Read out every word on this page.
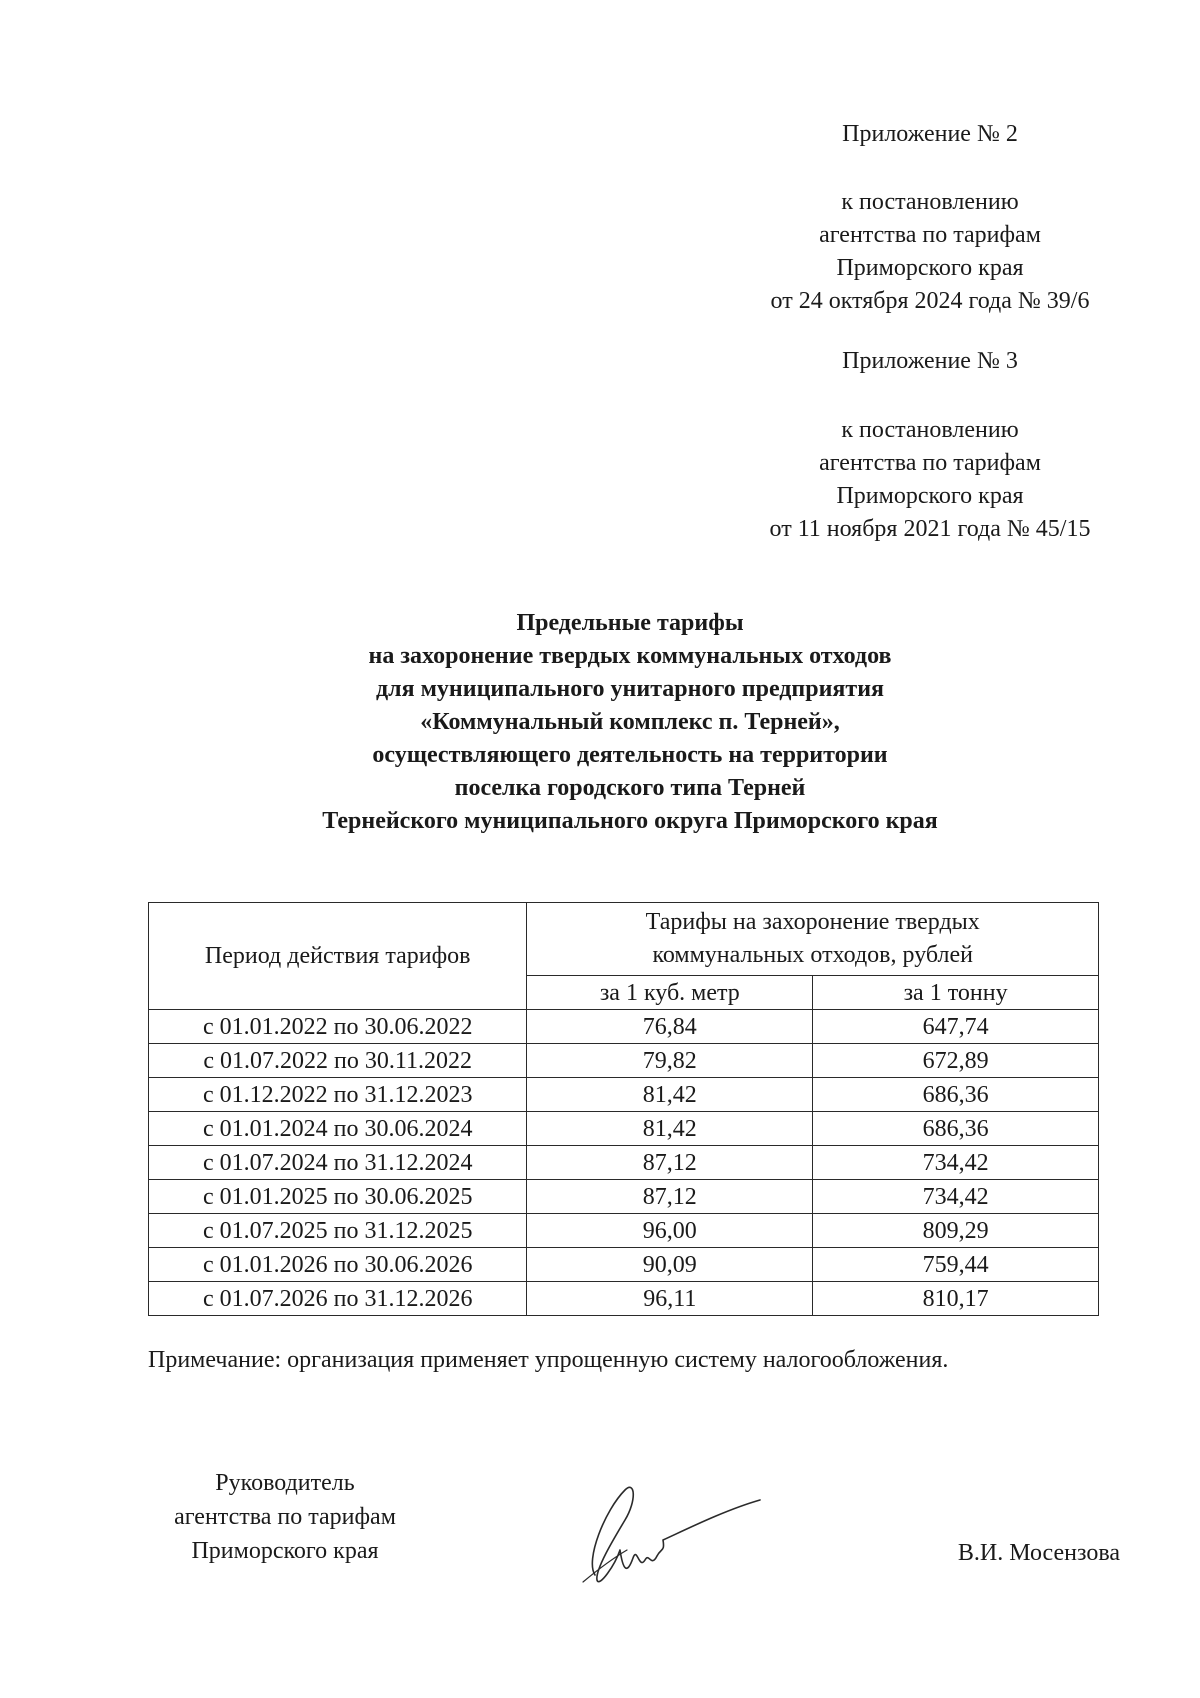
Приложение № 2
к постановлению
агентства по тарифам
Приморского края
от 24 октября 2024 года № 39/6
Приложение № 3
к постановлению
агентства по тарифам
Приморского края
от 11 ноября 2021 года № 45/15
Предельные тарифы
на захоронение твердых коммунальных отходов
для муниципального унитарного предприятия
«Коммунальный комплекс п. Терней»,
осуществляющего деятельность на территории
поселка городского типа Терней
Тернейского муниципального округа Приморского края
Период действия тарифов	Тарифы на захоронение твердых
коммунальных отходов, рублей	

	за 1 куб. метр	за 1 тонну
с 01.01.2022 по 30.06.2022	76,84	647,74
с 01.07.2022 по 30.11.2022	79,82	672,89
с 01.12.2022 по 31.12.2023	81,42	686,36
с 01.01.2024 по 30.06.2024	81,42	686,36
с 01.07.2024 по 31.12.2024	87,12	734,42
с 01.01.2025 по 30.06.2025	87,12	734,42
с 01.07.2025 по 31.12.2025	96,00	809,29
с 01.01.2026 по 30.06.2026	90,09	759,44
с 01.07.2026 по 31.12.2026	96,11	810,17
Примечание: организация применяет упрощенную систему налогообложения.
Руководитель
агентства по тарифам
Приморского края	В.И. Мосензова
